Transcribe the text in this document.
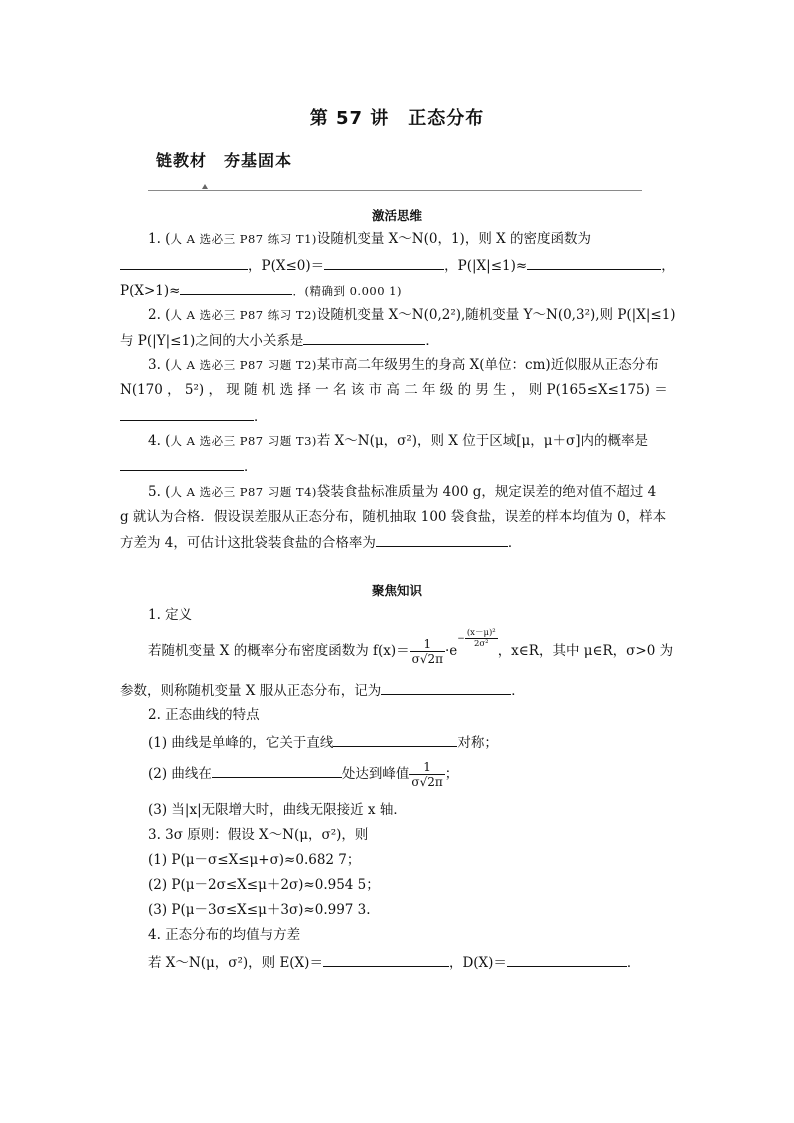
第 57 讲　正态分布
链教材　夯基固本
激活思维
1. (人 A 选必三 P87 练习 T1)设随机变量 X～N(0，1)，则 X 的密度函数为
，P(X≤0)＝	，P(|X|≤1)≈	，
P(X>1)≈	．(精确到 0.000 1)
2. (人 A 选必三 P87 练习 T2)设随机变量 X～N(0,2²),随机变量 Y～N(0,3²),则 P(|X|≤1)
与 P(|Y|≤1)之间的大小关系是	．
3. (人 A 选必三 P87 习题 T2)某市高二年级男生的身高 X(单位：cm)近似服从正态分布
N(170 ， 5²) ， 现 随 机 选 择 一 名 该 市 高 二 年 级 的 男 生 ， 则 P(165≤X≤175) ＝
．
4. (人 A 选必三 P87 习题 T3)若 X～N(μ，σ²)，则 X 位于区域[μ，μ＋σ]内的概率是
．
5. (人 A 选必三 P87 习题 T4)袋装食盐标准质量为 400 g，规定误差的绝对值不超过 4
g 就认为合格．假设误差服从正态分布，随机抽取 100 袋食盐，误差的样本均值为 0，样本
方差为 4，可估计这批袋装食盐的合格率为	．
聚焦知识
1. 定义
若随机变量 X 的概率分布密度函数为 $f(x)= \frac{1}{\sigma√2\pi} \cdot e^{- \frac{\text{(x－μ)²}}{\text{2σ²}}}$
，x∈R，其中 μ∈R，σ>0 为
参数，则称随机变量 X 服从正态分布，记为	．
2. 正态曲线的特点
(1) 曲线是单峰的，它关于直线	对称；
(2) 曲线在	处达到峰值 $\frac{1}{\sigma√2\pi}$ ；
(3) 当|x|无限增大时，曲线无限接近 x 轴．
3. 3σ 原则：假设 X～N(μ，σ²)，则
(1) P(μ－σ≤X≤μ+σ)≈0.682 7；
(2) P(μ－2σ≤X≤μ＋2σ)≈0.954 5；
(3) P(μ－3σ≤X≤μ＋3σ)≈0.997 3.
4. 正态分布的均值与方差
若 X～N(μ，σ²)，则 E(X)＝	，D(X)＝	．
